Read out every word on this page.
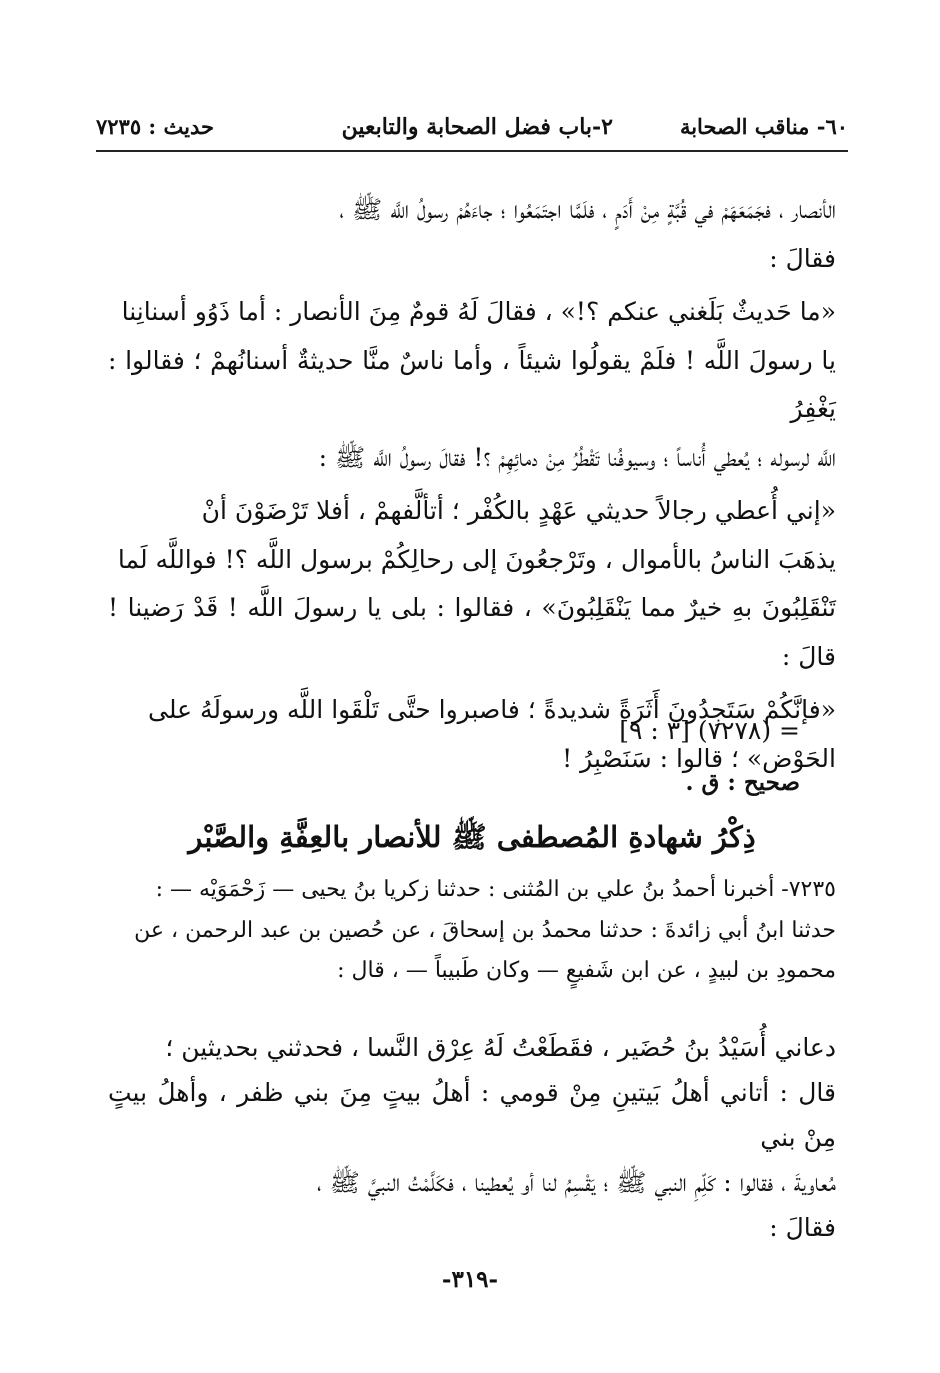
٦٠- مناقب الصحابة
٢-باب فضل الصحابة والتابعين
حديث : ٧٢٣٥

الأنصار ، فجَمَعَهَمْ في قُبَّةٍ مِنْ أَدَمٍ ، فلَمَّا اجتَمَعُوا ؛ جاءَهُمْ رسولُ اللَّه ﷺ ،
فقالَ :

«ما حَديثٌ بَلَغني عنكم ؟!» ، فقالَ لَهُ قومٌ مِنَ الأنصار : أما ذَوُو أسنانِنا
يا رسولَ اللَّه ! فلَمْ يقولُوا شيئاً ، وأما ناسٌ منَّا حديثةٌ أسنانُهمْ ؛ فقالوا : يَغْفِرُ
اللَّه لرسوله ؛ يُعطي أُناساً ؛ وسيوفُنا تَقْطُرُ مِنْ دمائِهِمْ ؟! فقالَ رسولُ اللَّه ﷺ :

«إني أُعطي رجالاً حديثي عَهْدٍ بالكُفْر ؛ أتألَّفهمْ ، أفلا تَرْضَوْنَ أنْ
يذهَبَ الناسُ بالأموال ، وتَرْجعُونَ إلى رحالِكُمْ برسول اللَّه ؟! فواللَّه لَما
تَنْقَلِبُونَ بهِ خيرٌ مما يَنْقَلِبُونَ» ، فقالوا : بلى يا رسولَ اللَّه ! قَدْ رَضينا ! قالَ :

«فإنَّكُمْ سَتَجِدُونَ أَثَرَةً شديدةً ؛ فاصبروا حتَّى تَلْقَوا اللَّه ورسولَهُ على
الحَوْض» ؛ قالوا : سَنَصْبِرُ !

= (٧٢٧٨) [٣ : ٩]
صحيح : ق .
ذِكْرُ شهادةِ المُصطفى ﷺ للأنصار بالعِفَّةِ والصَّبْر
٧٢٣٥- أخبرنا أحمدُ بنُ علي بن المُثنى : حدثنا زكريا بنُ يحيى — زَحْمَوَيْه — :
حدثنا ابنُ أبي زائدةَ : حدثنا محمدُ بن إسحاقَ ، عن حُصين بن عبد الرحمن ، عن
محمودِ بن لبيدٍ ، عن ابن شَفيعٍ — وكان طَبيباً — ، قال :
دعاني أُسَيْدُ بنُ حُضَير ، فقَطَعْتُ لَهُ عِرْق النَّسا ، فحدثني بحديثين ؛
قال : أتاني أهلُ بَيتينِ مِنْ قومي : أهلُ بيتٍ مِنَ بني ظفر ، وأهلُ بيتٍ مِنْ بني
مُعاويةَ ، فقالوا : كَلِّمِ النبي ﷺ ؛ يَقْسِمُ لنا أو يُعطينا ، فكَلَّمْتُ النبيَّ ﷺ ،
فقالَ :
-٣١٩-
